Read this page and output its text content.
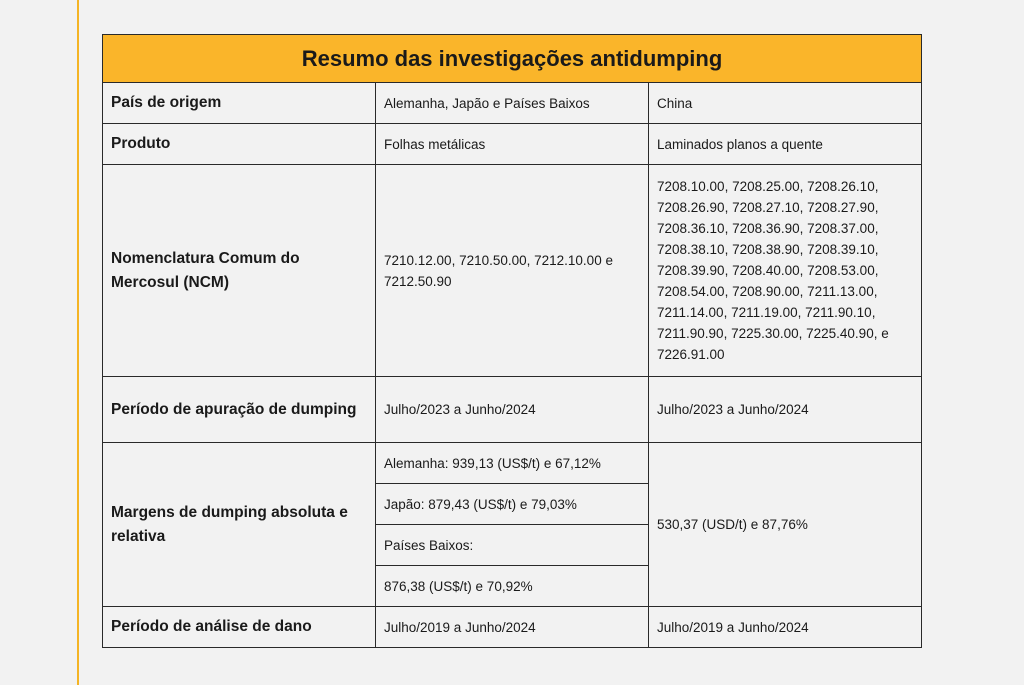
Resumo das investigações antidumping		
País de origem	Alemanha, Japão e Países Baixos	China
Produto	Folhas metálicas	Laminados planos a quente
Nomenclatura Comum do Mercosul (NCM)	7210.12.00, 7210.50.00, 7212.10.00 e 7212.50.90	7208.10.00, 7208.25.00, 7208.26.10, 7208.26.90, 7208.27.10, 7208.27.90, 7208.36.10, 7208.36.90, 7208.37.00, 7208.38.10, 7208.38.90, 7208.39.10, 7208.39.90, 7208.40.00, 7208.53.00, 7208.54.00, 7208.90.00, 7211.13.00, 7211.14.00, 7211.19.00, 7211.90.10, 7211.90.90, 7225.30.00, 7225.40.90, e 7226.91.00
Período de apuração de dumping	Julho/2023 a Junho/2024	Julho/2023 a Junho/2024
Margens de dumping absoluta e relativa	Alemanha: 939,13 (US$/t) e 67,12%	530,37 (USD/t) e 87,76%
	Japão: 879,43 (US$/t) e 79,03%	
	Países Baixos:	
	876,38 (US$/t) e 70,92%	
Período de análise de dano	Julho/2019 a Junho/2024	Julho/2019 a Junho/2024
